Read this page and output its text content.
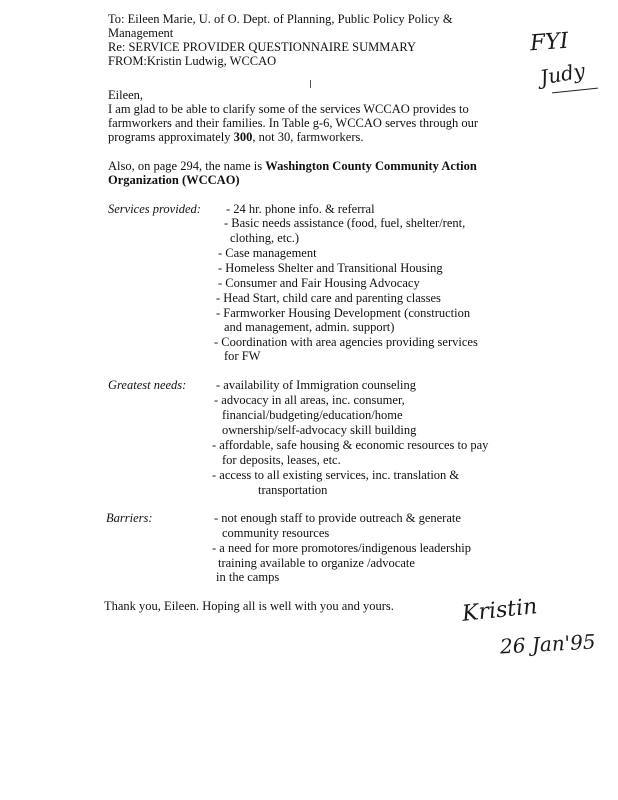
To: Eileen Marie, U. of O. Dept. of Planning, Public Policy Policy &
Management
Re: SERVICE PROVIDER QUESTIONNAIRE SUMMARY
FROM:Kristin Ludwig, WCCAO
FYI
Judy
Eileen,
I am glad to be able to clarify some of the services WCCAO provides to
farmworkers and their families. In Table g-6, WCCAO serves through our
programs approximately 300, not 30, farmworkers.
Also, on page 294, the name is Washington County Community Action
Organization (WCCAO)
Services provided: - 24 hr. phone info. & referral
- Basic needs assistance (food, fuel, shelter/rent,
clothing, etc.)
- Case management
- Homeless Shelter and Transitional Housing
- Consumer and Fair Housing Advocacy
- Head Start, child care and parenting classes
- Farmworker Housing Development (construction
and management, admin. support)
- Coordination with area agencies providing services
for FW
Greatest needs: - availability of Immigration counseling
- advocacy in all areas, inc. consumer,
financial/budgeting/education/home
ownership/self-advocacy skill building
- affordable, safe housing & economic resources to pay
for deposits, leases, etc.
- access to all existing services, inc. translation &
transportation
Barriers:	- not enough staff to provide outreach & generate
community resources
- a need for more promotores/indigenous leadership
training available to organize /advocate
in the camps
Thank you, Eileen. Hoping all is well with you and yours.	Kristin
26 Jan'95
